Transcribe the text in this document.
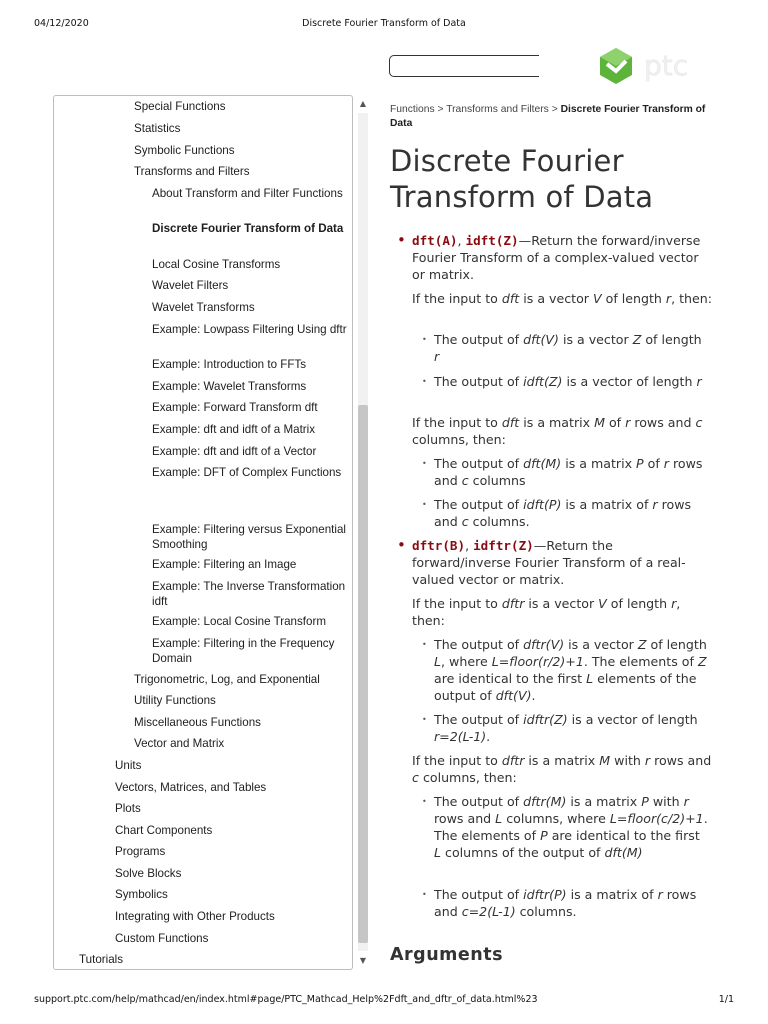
04/12/2020	Discrete Fourier Transform of Data
ptc
Special Functions
Statistics
Symbolic Functions
Transforms and Filters
About Transform and Filter Functions
Discrete Fourier Transform of Data
Local Cosine Transforms
Wavelet Filters
Wavelet Transforms
Example: Lowpass Filtering Using dftr
Example: Introduction to FFTs
Example: Wavelet Transforms
Example: Forward Transform dft
Example: dft and idft of a Matrix
Example: dft and idft of a Vector
Example: DFT of Complex Functions
Example: Filtering versus Exponential Smoothing
Example: Filtering an Image
Example: The Inverse Transformation idft
Example: Local Cosine Transform
Example: Filtering in the Frequency Domain
Trigonometric, Log, and Exponential
Utility Functions
Miscellaneous Functions
Vector and Matrix
Units
Vectors, Matrices, and Tables
Plots
Chart Components
Programs
Solve Blocks
Symbolics
Integrating with Other Products
Custom Functions
Tutorials
▲
▼
Functions > Transforms and Filters > Discrete Fourier Transform of Data
Discrete Fourier Transform of Data
• dft(A), idft(Z)—Return the forward/inverse Fourier Transform of a complex-valued vector or matrix.
If the input to dft is a vector V of length r, then:
• The output of dft(V) is a vector Z of length r
• The output of idft(Z) is a vector of length r
If the input to dft is a matrix M of r rows and c columns, then:
• The output of dft(M) is a matrix P of r rows and c columns
• The output of idft(P) is a matrix of r rows and c columns.
• dftr(B), idftr(Z)—Return the forward/inverse Fourier Transform of a real-valued vector or matrix.
If the input to dftr is a vector V of length r, then:
• The output of dftr(V) is a vector Z of length L, where L=floor(r/2)+1. The elements of Z are identical to the first L elements of the output of dft(V).
• The output of idftr(Z) is a vector of length r=2(L-1).
If the input to dftr is a matrix M with r rows and c columns, then:
• The output of dftr(M) is a matrix P with r rows and L columns, where L=floor(c/2)+1. The elements of P are identical to the first L columns of the output of dft(M)
• The output of idftr(P) is a matrix of r rows and c=2(L-1) columns.
Arguments
support.ptc.com/help/mathcad/en/index.html#page/PTC_Mathcad_Help%2Fdft_and_dftr_of_data.html%23	1/1
